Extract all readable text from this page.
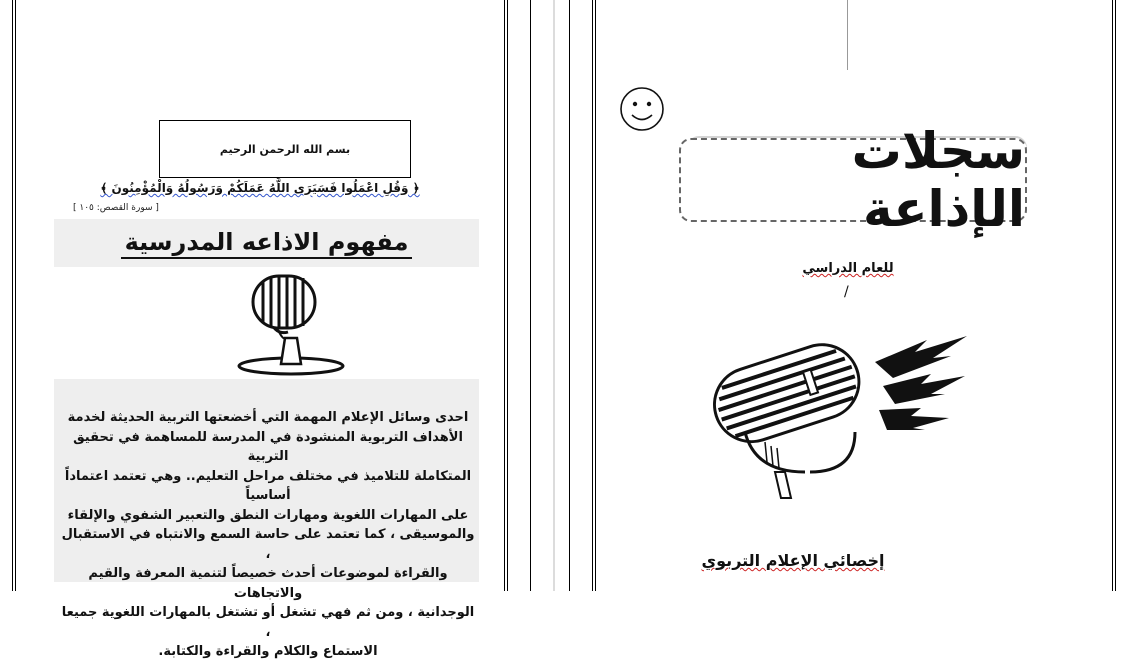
بسم الله الرحمن الرحيم
﴿ وَقُلِ اعْمَلُوا فَسَيَرَى اللَّهُ عَمَلَكُمْ وَرَسُولُهُ وَالْمُؤْمِنُونَ ﴾
[ سورة القصص: ١٠٥ ]
مفهوم الاذاعه المدرسية
احدى وسائل الإعلام المهمة التي أخضعتها التربية الحديثة لخدمة
الأهداف التربوية المنشودة في المدرسة للمساهمة في تحقيق التربية
المتكاملة للتلاميذ في مختلف مراحل التعليم.. وهي تعتمد اعتماداً أساسياً
على المهارات اللغوية ومهارات النطق والتعبير الشفوي والإلقاء
والموسيقى ، كما تعتمد على حاسة السمع والانتباه في الاستقبال ،
والقراءة لموضوعات أحدث خصيصاً لتنمية المعرفة والقيم والاتجاهات
الوجدانية ، ومن ثم فهي تشغل أو تشتغل بالمهارات اللغوية جميعا ،
الاستماع والكلام والقراءة والكتابة.
سجلات الإذاعة
للعام الدراسي
/
إخصائي الإعلام التربوي
